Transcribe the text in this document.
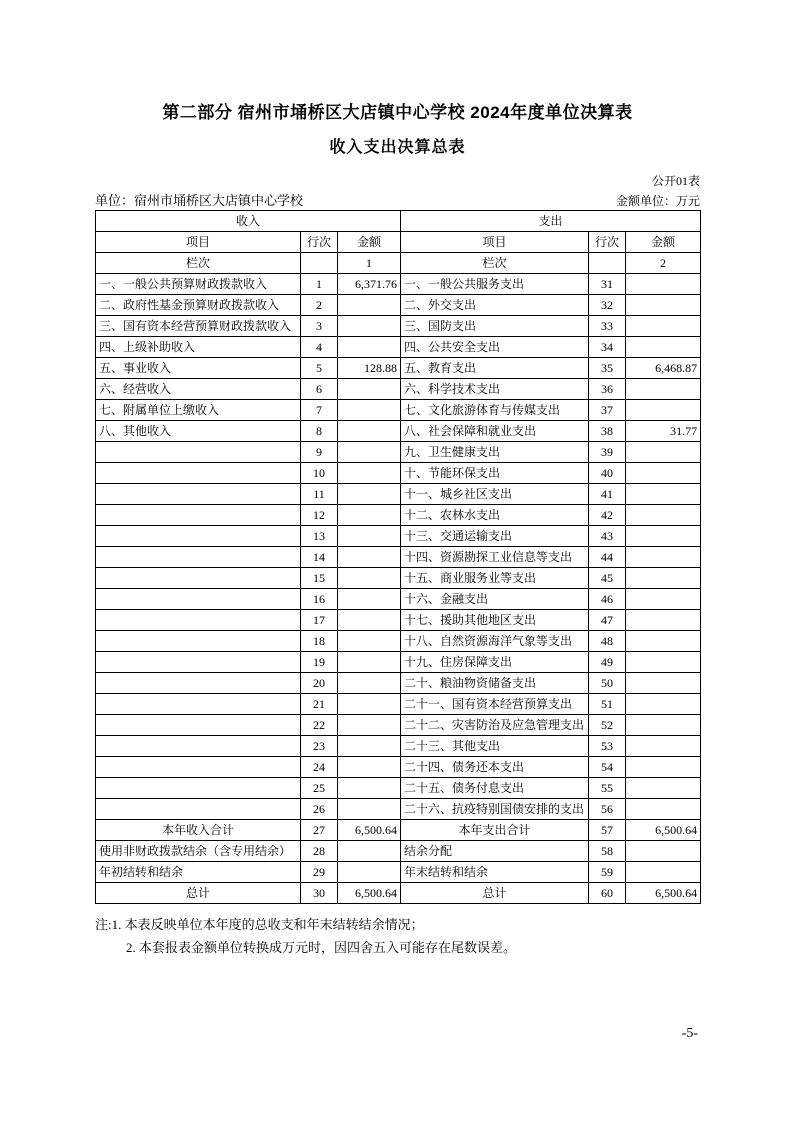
第二部分 宿州市埇桥区大店镇中心学校 2024年度单位决算表
收入支出决算总表
公开01表
单位：宿州市埇桥区大店镇中心学校	金额单位：万元
收入			支出		
项目	行次	金额	项目	行次	金额
栏次		1	栏次		2
一、一般公共预算财政拨款收入	1	6,371.76	一、一般公共服务支出	31	
二、政府性基金预算财政拨款收入	2		二、外交支出	32	
三、国有资本经营预算财政拨款收入	3		三、国防支出	33	
四、上级补助收入	4		四、公共安全支出	34	
五、事业收入	5	128.88	五、教育支出	35	6,468.87
六、经营收入	6		六、科学技术支出	36	
七、附属单位上缴收入	7		七、文化旅游体育与传媒支出	37	
八、其他收入	8		八、社会保障和就业支出	38	31.77
	9		九、卫生健康支出	39	
	10		十、节能环保支出	40	
	11		十一、城乡社区支出	41	
	12		十二、农林水支出	42	
	13		十三、交通运输支出	43	
	14		十四、资源勘探工业信息等支出	44	
	15		十五、商业服务业等支出	45	
	16		十六、金融支出	46	
	17		十七、援助其他地区支出	47	
	18		十八、自然资源海洋气象等支出	48	
	19		十九、住房保障支出	49	
	20		二十、粮油物资储备支出	50	
	21		二十一、国有资本经营预算支出	51	
	22		二十二、灾害防治及应急管理支出	52	
	23		二十三、其他支出	53	
	24		二十四、债务还本支出	54	
	25		二十五、债务付息支出	55	
	26		二十六、抗疫特别国债安排的支出	56	
本年收入合计	27	6,500.64	本年支出合计	57	6,500.64
使用非财政拨款结余（含专用结余）	28		结余分配	58	
年初结转和结余	29		年末结转和结余	59	
总计	30	6,500.64	总计	60	6,500.64
注:1. 本表反映单位本年度的总收支和年末结转结余情况；
2. 本套报表金额单位转换成万元时，因四舍五入可能存在尾数误差。
-5-
